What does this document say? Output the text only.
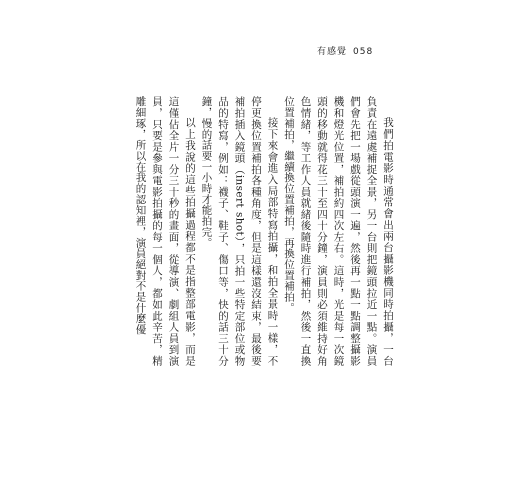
有感覺 058

我們拍電影時通常會出兩台攝影機同時拍攝，一台負責在遠處補捉全景，另一台則把鏡頭拉近一點。演員們會先把一場戲從頭演一遍，然後再一點一點調整攝影機和燈光位置，補拍約四次左右。這時，光是每一次鏡頭的移動就得花三十至四十分鐘，演員則必須維持好角色情緒，等工作人員就緒後隨時進行補拍，然後一直換位置補拍，繼續換位置補拍，再換位置補拍。

接下來會進入局部特寫拍攝，和拍全景時一樣，不停更換位置補拍各種角度，但是這樣還沒結束，最後要補拍插入鏡頭（insert shot），只拍一些特定部位或物品的特寫，例如：襪子、鞋子、傷口等，快的話三十分鐘，慢的話要一小時才能拍完。

以上我說的這些拍攝過程都不是指整部電影，而是這僅佔全片一分三十秒的畫面，從導演、劇組人員到演員，只要是參與電影拍攝的每一個人，都如此辛苦，精雕細琢，所以在我的認知裡，演員絕對不是什麼優
